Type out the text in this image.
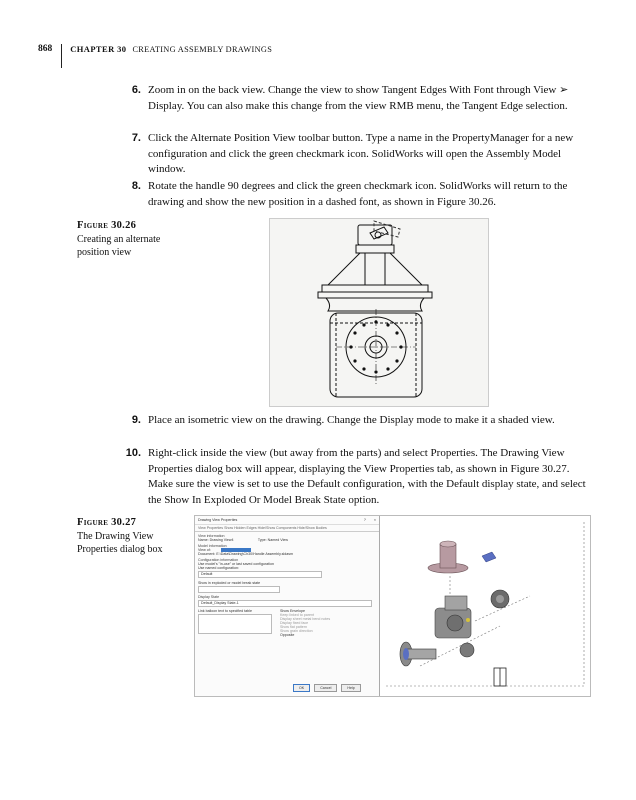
868 CHAPTER 30 CREATING ASSEMBLY DRAWINGS
6. Zoom in on the back view. Change the view to show Tangent Edges With Font through View ➢ Display. You can also make this change from the view RMB menu, the Tangent Edge selection.
7. Click the Alternate Position View toolbar button. Type a name in the PropertyManager for a new configuration and click the green checkmark icon. SolidWorks will open the Assembly Model window.
8. Rotate the handle 90 degrees and click the green checkmark icon. SolidWorks will return to the drawing and show the new position in a dashed font, as shown in Figure 30.26.
Figure 30.26
Creating an alternate position view
9. Place an isometric view on the drawing. Change the Display mode to make it a shaded view.
10. Right-click inside the view (but away from the parts) and select Properties. The Drawing View Properties dialog box will appear, displaying the View Properties tab, as shown in Figure 30.27. Make sure the view is set to use the Default configuration, with the Default display state, and select the Show In Exploded Or Model Break State option.
Figure 30.27
The Drawing View Properties dialog box
Drawing View Properties	? ×
View Properties Show Hidden Edges Hide/Show Components Hide/Show Bodies
View information
Name: Drawing View4	Type: Named View
Model information
View of:
Document: E:\Data\Drawing\Ch30\Handle Assembly.sldasm
Configuration information
Use model's "in-use" or last saved configuration
Use named configuration:
Default
Show in exploded or model break state
Display State
Default_Display State-1
Link balloon text to specified table	Show Envelope
Keep linked to parent
Display sheet metal bend notes
Display fixed face
Show flat pattern
Show grain direction
Opposite
OK	Cancel	Help
